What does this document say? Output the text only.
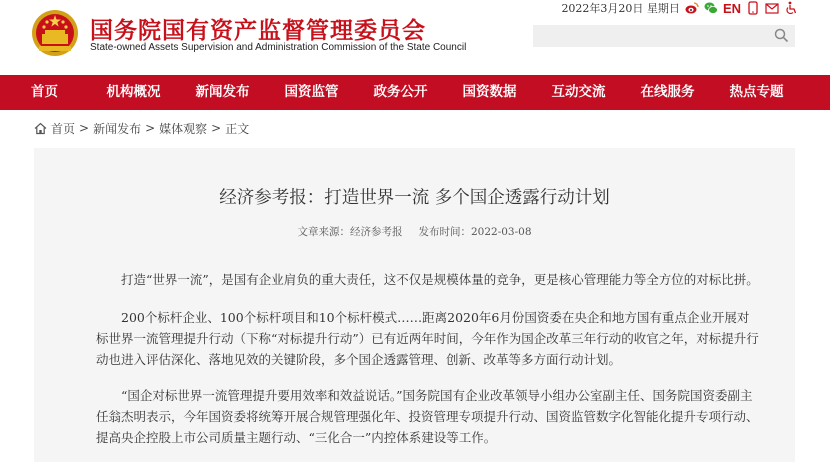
国务院国有资产监督管理委员会
State-owned Assets Supervision and Administration Commission of the State Council
2022年3月20日 星期日	EN
首页	机构概况	新闻发布	国资监管	政务公开	国资数据	互动交流	在线服务	热点专题
首页 > 新闻发布 > 媒体观察 > 正文
经济参考报：打造世界一流 多个国企透露行动计划
文章来源：经济参考报 发布时间：2022-03-08

打造“世界一流”，是国有企业肩负的重大责任，这不仅是规模体量的竞争，更是核心管理能力等全方位的对标比拼。

200个标杆企业、100个标杆项目和10个标杆模式……距离2020年6月份国资委在央企和地方国有重点企业开展对标世界一流管理提升行动（下称“对标提升行动”）已有近两年时间，今年作为国企改革三年行动的收官之年，对标提升行动也进入评估深化、落地见效的关键阶段，多个国企透露管理、创新、改革等多方面行动计划。

“国企对标世界一流管理提升要用效率和效益说话。”国务院国有企业改革领导小组办公室副主任、国务院国资委副主任翁杰明表示，今年国资委将统筹开展合规管理强化年、投资管理专项提升行动、国资监管数字化智能化提升专项行动、提高央企控股上市公司质量主题行动、“三化合一”内控体系建设等工作。
